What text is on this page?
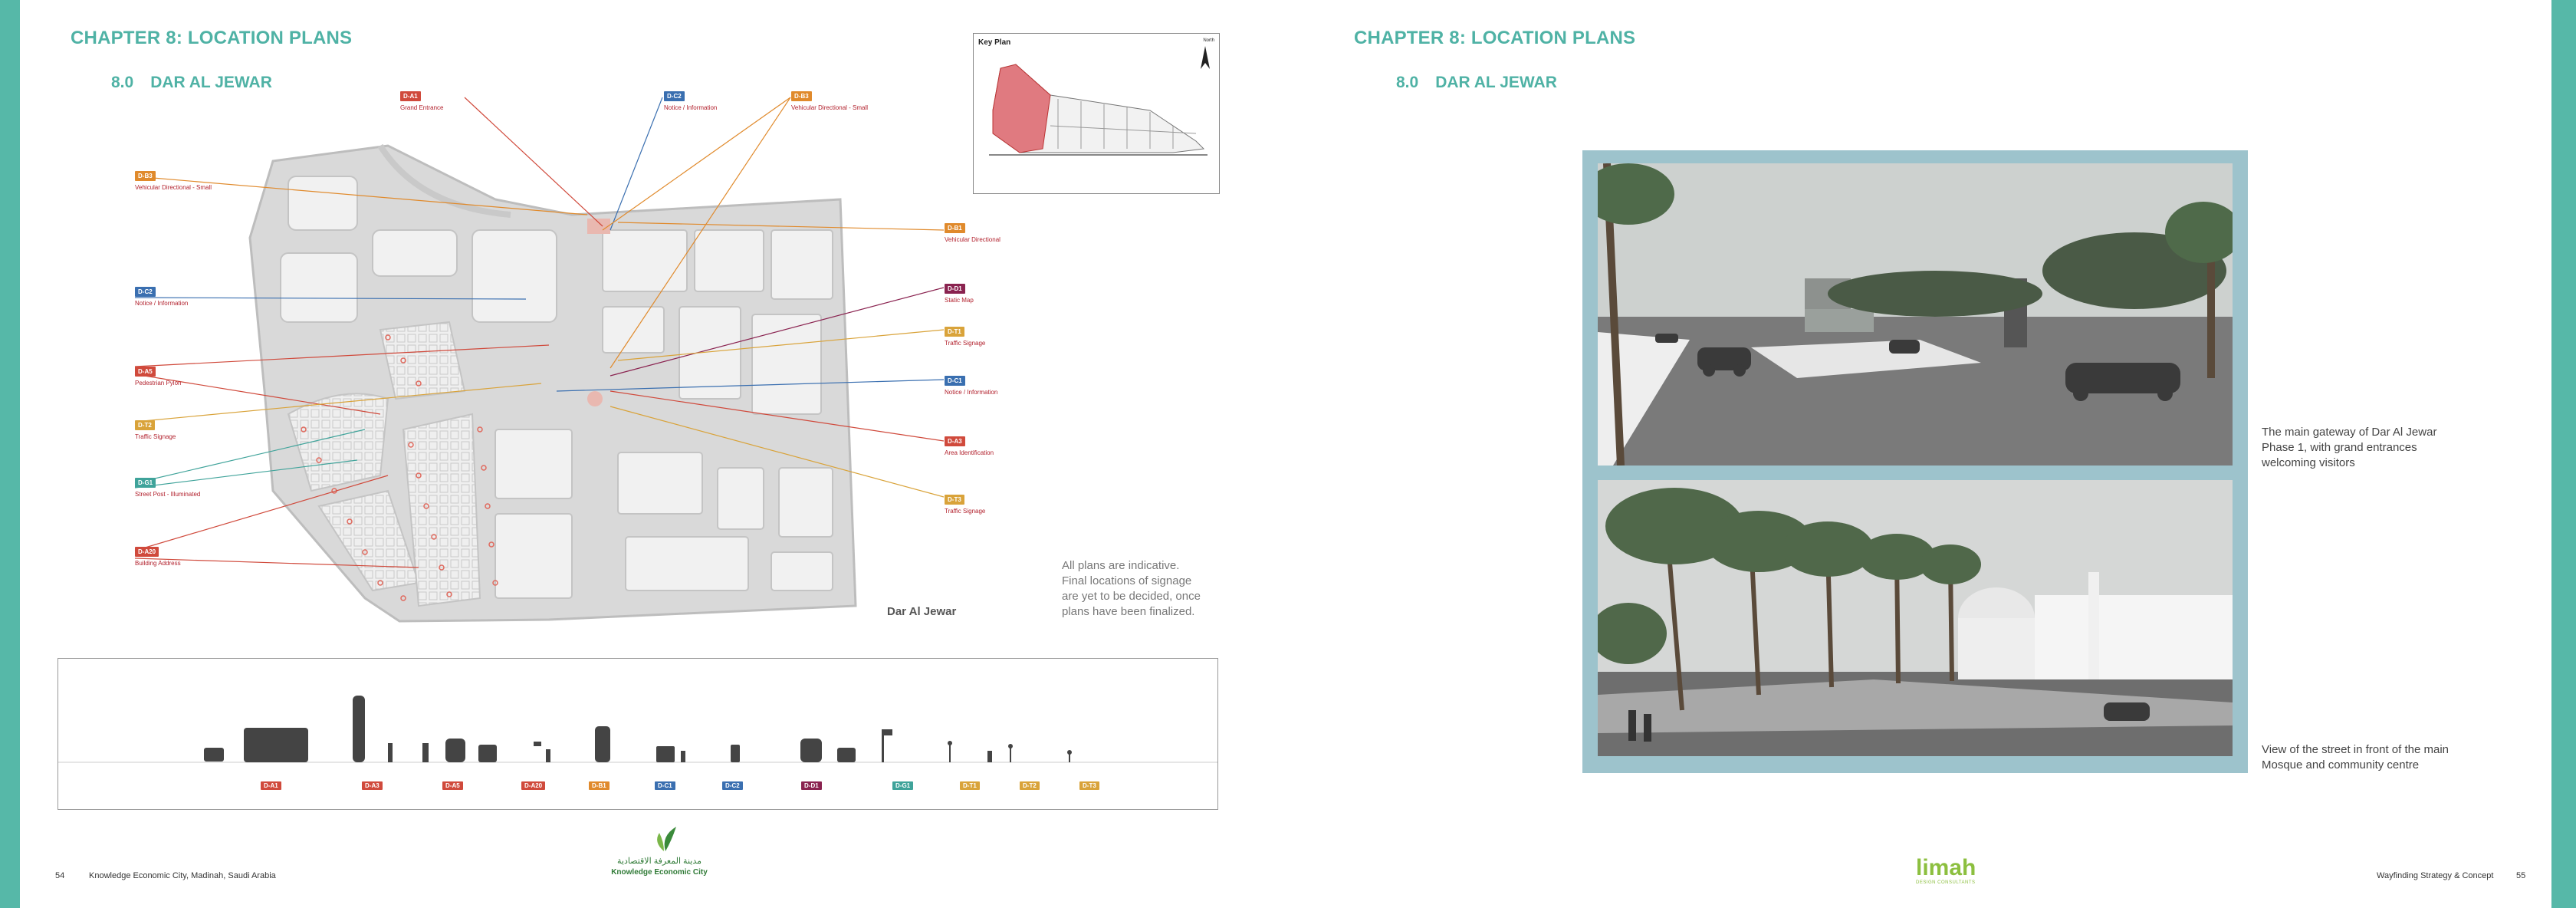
CHAPTER 8: LOCATION PLANS
8.0 DAR AL JEWAR
D-B3
Vehicular Directional - Small
D-C2
Notice / Information
D-A5
Pedestrian Pylon
D-T2
Traffic Signage
D-G1
Street Post - Illuminated
D-A20
Building Address
D-A1
Grand Entrance
D-C2
Notice / Information
D-B3
Vehicular Directional - Small
D-B1
Vehicular Directional
D-D1
Static Map
D-T1
Traffic Signage
D-C1
Notice / Information
D-A3
Area Identification
D-T3
Traffic Signage
Key Plan	North
Dar Al Jewar
All plans are indicative.
Final locations of signage
are yet to be decided, once
plans have been finalized.
D-A1	D-A3	D-A5	D-A20	D-B1	D-C1	D-C2	D-D1	D-G1	D-T1	D-T2	D-T3
54	Knowledge Economic City, Madinah, Saudi Arabia
مدينة المعرفة الاقتصادية
Knowledge Economic City
CHAPTER 8: LOCATION PLANS
8.0 DAR AL JEWAR
The main gateway of Dar Al Jewar
Phase 1, with grand entrances
welcoming visitors
View of the street in front of the main
Mosque and community centre
limah
DESIGN CONSULTANTS
Wayfinding Strategy & Concept	55
